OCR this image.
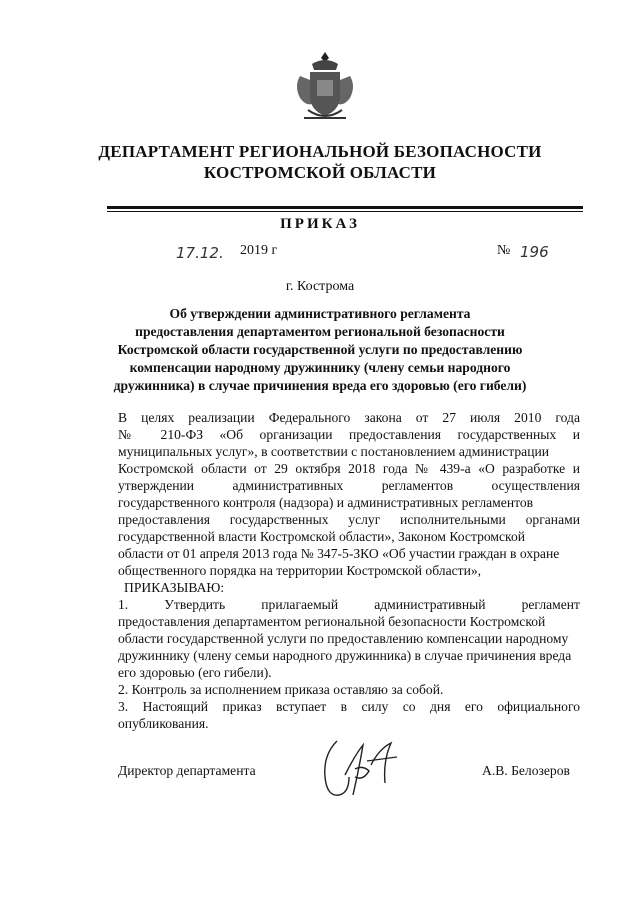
ДЕПАРТАМЕНТ РЕГИОНАЛЬНОЙ БЕЗОПАСНОСТИ
КОСТРОМСКОЙ ОБЛАСТИ
ПРИКАЗ
17.12. 2019 г	№ 196
г. Кострома
Об утверждении административного регламента
предоставления департаментом региональной безопасности
Костромской области государственной услуги по предоставлению
компенсации народному дружиннику (члену семьи народного
дружинника) в случае причинения вреда его здоровью (его гибели)
В целях реализации Федерального закона от 27 июля 2010 года
№ 210-ФЗ «Об организации предоставления государственных и
муниципальных услуг», в соответствии с постановлением администрации
Костромской области от 29 октября 2018 года № 439-а «О разработке и
утверждении административных регламентов осуществления
государственного контроля (надзора) и административных регламентов
предоставления государственных услуг исполнительными органами
государственной власти Костромской области», Законом Костромской
области от 01 апреля 2013 года № 347-5-ЗКО «Об участии граждан в охране
общественного порядка на территории Костромской области»,
ПРИКАЗЫВАЮ:
1. Утвердить прилагаемый административный регламент
предоставления департаментом региональной безопасности Костромской
области государственной услуги по предоставлению компенсации народному
дружиннику (члену семьи народного дружинника) в случае причинения вреда
его здоровью (его гибели).
2. Контроль за исполнением приказа оставляю за собой.
3. Настоящий приказ вступает в силу со дня его официального
опубликования.
Директор департамента	А.В. Белозеров
